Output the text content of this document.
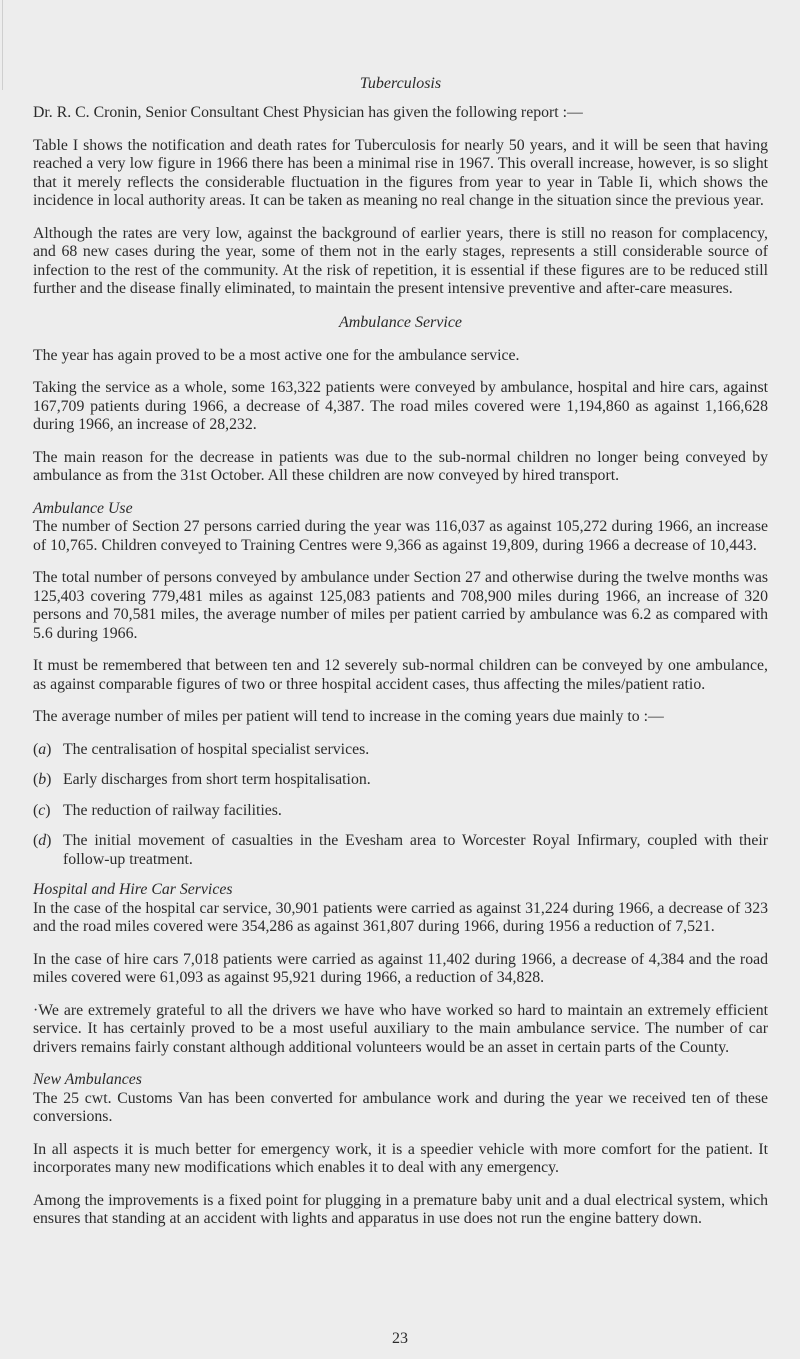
Tuberculosis

Dr. R. C. Cronin, Senior Consultant Chest Physician has given the following report :—

Table I shows the notification and death rates for Tuberculosis for nearly 50 years, and it will be seen that having reached a very low figure in 1966 there has been a minimal rise in 1967. This overall increase, however, is so slight that it merely reflects the considerable fluctuation in the figures from year to year in Table Ii, which shows the incidence in local authority areas. It can be taken as meaning no real change in the situation since the previous year.

Although the rates are very low, against the background of earlier years, there is still no reason for complacency, and 68 new cases during the year, some of them not in the early stages, represents a still considerable source of infection to the rest of the community. At the risk of repetition, it is essential if these figures are to be reduced still further and the disease finally eliminated, to maintain the present intensive preventive and after-care measures.

Ambulance Service

The year has again proved to be a most active one for the ambulance service.

Taking the service as a whole, some 163,322 patients were conveyed by ambulance, hospital and hire cars, against 167,709 patients during 1966, a decrease of 4,387. The road miles covered were 1,194,860 as against 1,166,628 during 1966, an increase of 28,232.

The main reason for the decrease in patients was due to the sub-normal children no longer being conveyed by ambulance as from the 31st October. All these children are now conveyed by hired transport.

Ambulance Use

The number of Section 27 persons carried during the year was 116,037 as against 105,272 during 1966, an increase of 10,765. Children conveyed to Training Centres were 9,366 as against 19,809, during 1966 a decrease of 10,443.

The total number of persons conveyed by ambulance under Section 27 and otherwise during the twelve months was 125,403 covering 779,481 miles as against 125,083 patients and 708,900 miles during 1966, an increase of 320 persons and 70,581 miles, the average number of miles per patient carried by ambulance was 6.2 as compared with 5.6 during 1966.

It must be remembered that between ten and 12 severely sub-normal children can be conveyed by one ambulance, as against comparable figures of two or three hospital accident cases, thus affecting the miles/patient ratio.

The average number of miles per patient will tend to increase in the coming years due mainly to :—

(a) The centralisation of hospital specialist services.
(b) Early discharges from short term hospitalisation.
(c) The reduction of railway facilities.
(d) The initial movement of casualties in the Evesham area to Worcester Royal Infirmary, coupled with their follow-up treatment.
Hospital and Hire Car Services

In the case of the hospital car service, 30,901 patients were carried as against 31,224 during 1966, a decrease of 323 and the road miles covered were 354,286 as against 361,807 during 1966, during 1956 a reduction of 7,521.

In the case of hire cars 7,018 patients were carried as against 11,402 during 1966, a decrease of 4,384 and the road miles covered were 61,093 as against 95,921 during 1966, a reduction of 34,828.

·We are extremely grateful to all the drivers we have who have worked so hard to maintain an extremely efficient service. It has certainly proved to be a most useful auxiliary to the main ambulance service. The number of car drivers remains fairly constant although additional volunteers would be an asset in certain parts of the County.

New Ambulances

The 25 cwt. Customs Van has been converted for ambulance work and during the year we received ten of these conversions.

In all aspects it is much better for emergency work, it is a speedier vehicle with more comfort for the patient. It incorporates many new modifications which enables it to deal with any emergency.

Among the improvements is a fixed point for plugging in a premature baby unit and a dual electrical system, which ensures that standing at an accident with lights and apparatus in use does not run the engine battery down.

23
